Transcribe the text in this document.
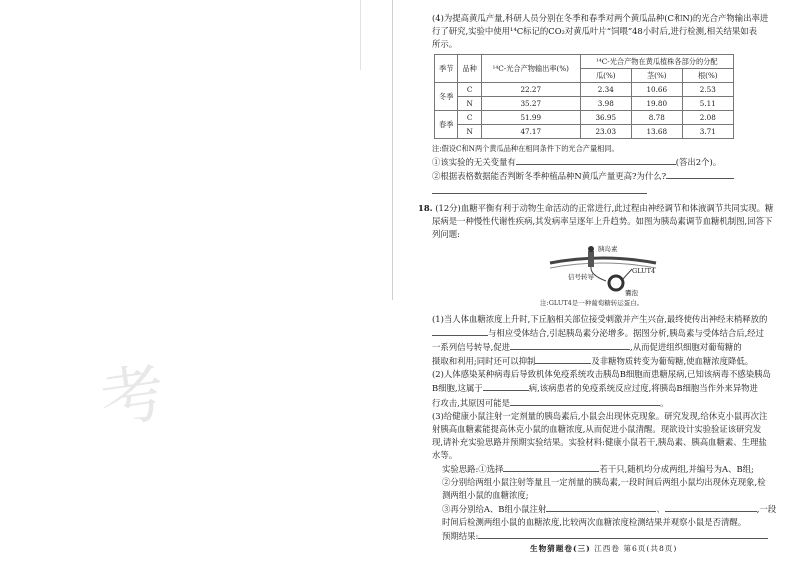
考

(4)为提高黄瓜产量,科研人员分别在冬季和春季对两个黄瓜品种(C和N)的光合产物输出率进

行了研究,实验中使用¹⁴C标记的CO₂对黄瓜叶片“饲喂”48小时后,进行检测,相关结果如表

所示。

季节	品种	¹⁴C-光合产物输出率(%)	¹⁴C-光合产物在黄瓜植株各部分的分配		
			瓜(%)	茎(%)	根(%)
冬季	C	22.27	2.34	10.66	2.53
	N	35.27	3.98	19.80	5.11
春季	C	51.99	36.95	8.78	2.08
	N	47.17	23.03	13.68	3.71

注:假设C和N两个黄瓜品种在相同条件下的光合产量相同。

①该实验的无关变量有	(答出2个)。

②根据表格数据能否判断冬季种植品种N黄瓜产量更高?为什么?

18. (12分)血糖平衡有利于动物生命活动的正常进行,此过程由神经调节和体液调节共同实现。糖

尿病是一种慢性代谢性疾病,其发病率呈逐年上升趋势。如图为胰岛素调节血糖机制图,回答下

列问题:

胰岛素
GLUT4
信号转导
囊泡
注:GLUT4是一种葡萄糖转运蛋白。

(1)当人体血糖浓度上升时,下丘脑相关部位接受刺激并产生兴奋,最终使传出神经末梢释放的

与相应受体结合,引起胰岛素分泌增多。据图分析,胰岛素与受体结合后,经过

一系列信号转导,促进	,从而促进组织细胞对葡萄糖的

摄取和利用;同时还可以抑制	及非糖物质转变为葡萄糖,使血糖浓度降低。

(2)人体感染某种病毒后导致机体免疫系统攻击胰岛B细胞而患糖尿病,已知该病毒不感染胰岛

B细胞,这属于	病,该病患者的免疫系统反应过度,将胰岛B细胞当作外来异物进

行攻击,其原因可能是	。

(3)给健康小鼠注射一定剂量的胰岛素后,小鼠会出现休克现象。研究发现,给休克小鼠再次注

射胰高血糖素能提高休克小鼠的血糖浓度,从而促进小鼠清醒。现欲设计实验验证该研究发

现,请补充实验思路并预期实验结果。实验材料:健康小鼠若干,胰岛素、胰高血糖素、生理盐

水等。

实验思路:①选择	若干只,随机均分成两组,并编号为A、B组;

②分别给两组小鼠注射等量且一定剂量的胰岛素,一段时间后两组小鼠均出现休克现象,检

测两组小鼠的血糖浓度;

③再分别给A、B组小鼠注射	、	,一段

时间后检测两组小鼠的血糖浓度,比较两次血糖浓度检测结果并观察小鼠是否清醒。

预期结果:

生物猜题卷(三) 江西卷 第6页(共8页)
